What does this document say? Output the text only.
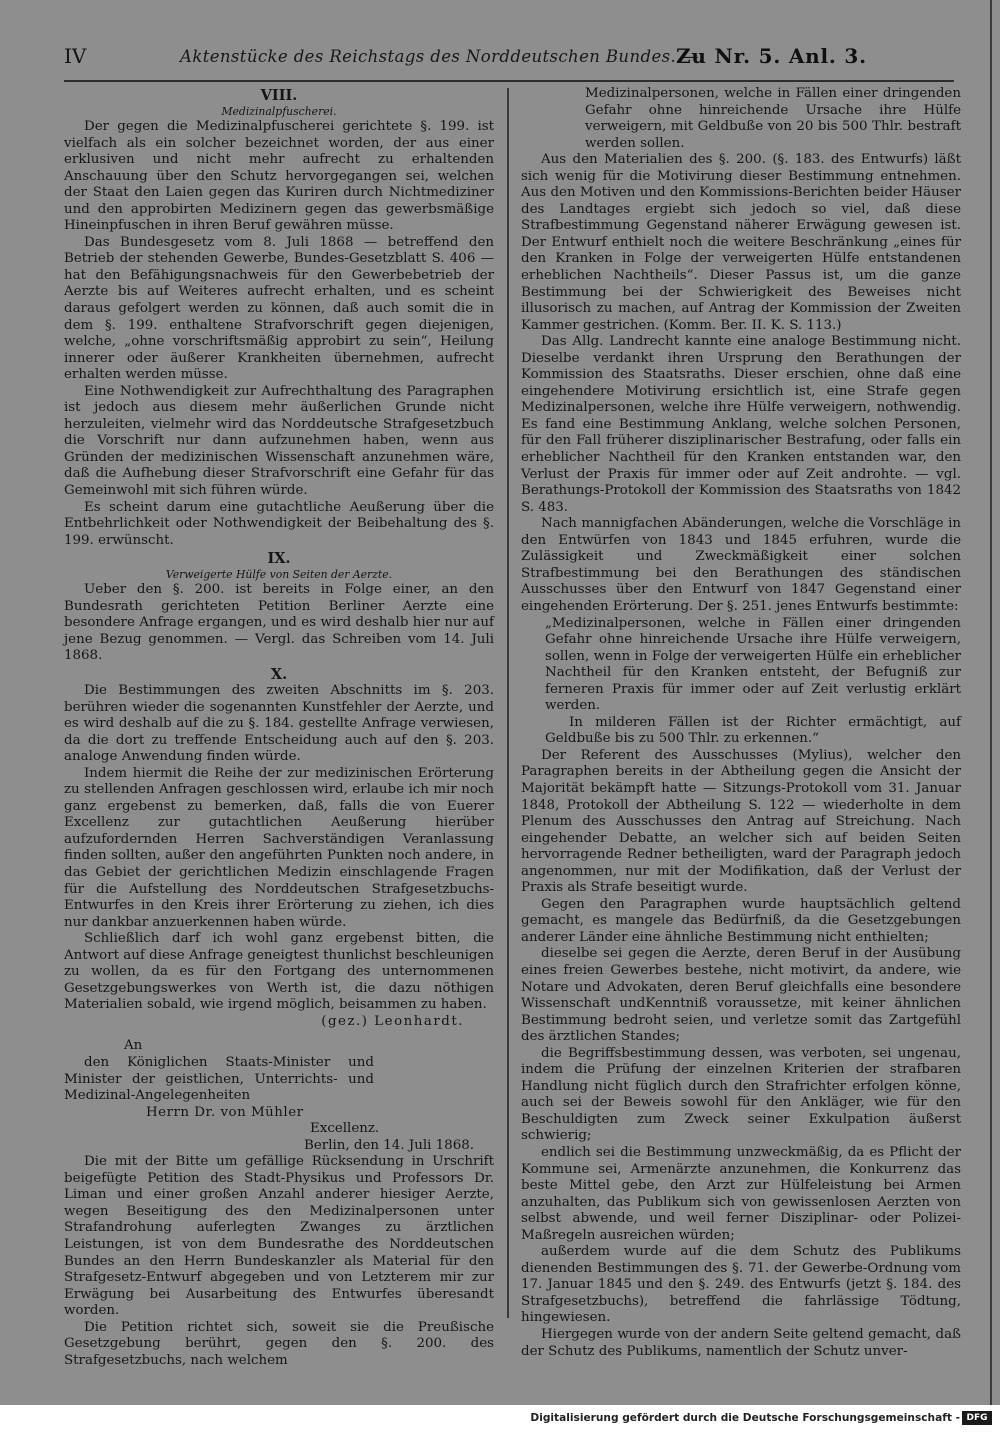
IV	Aktenstücke des Reichstags des Norddeutschen Bundes. —
Zu Nr. 5. Anl. 3.
VIII.
Medizinalpfuscherei.

Der gegen die Medizinalpfuscherei gerichtete §. 199. ist vielfach als ein solcher bezeichnet worden, der aus einer erklusiven und nicht mehr aufrecht zu erhaltenden Anschauung über den Schutz hervorgegangen sei, welchen der Staat den Laien gegen das Kuriren durch Nichtmediziner und den approbirten Medizinern gegen das gewerbsmäßige Hineinpfuschen in ihren Beruf gewähren müsse.

Das Bundesgesetz vom 8. Juli 1868 — betreffend den Betrieb der stehenden Gewerbe, Bundes-Gesetzblatt S. 406 — hat den Befähigungsnachweis für den Gewerbebetrieb der Aerzte bis auf Weiteres aufrecht erhalten, und es scheint daraus gefolgert werden zu können, daß auch somit die in dem §. 199. enthaltene Strafvorschrift gegen diejenigen, welche, „ohne vorschriftsmäßig approbirt zu sein“, Heilung innerer oder äußerer Krankheiten übernehmen, aufrecht erhalten werden müsse.

Eine Nothwendigkeit zur Aufrechthaltung des Paragraphen ist jedoch aus diesem mehr äußerlichen Grunde nicht herzuleiten, vielmehr wird das Norddeutsche Strafgesetzbuch die Vorschrift nur dann aufzunehmen haben, wenn aus Gründen der medizinischen Wissenschaft anzunehmen wäre, daß die Aufhebung dieser Strafvorschrift eine Gefahr für das Gemeinwohl mit sich führen würde.

Es scheint darum eine gutachtliche Aeußerung über die Entbehrlichkeit oder Nothwendigkeit der Beibehaltung des §. 199. erwünscht.

IX.
Verweigerte Hülfe von Seiten der Aerzte.

Ueber den §. 200. ist bereits in Folge einer, an den Bundesrath gerichteten Petition Berliner Aerzte eine besondere Anfrage ergangen, und es wird deshalb hier nur auf jene Bezug genommen. — Vergl. das Schreiben vom 14. Juli 1868.

X.

Die Bestimmungen des zweiten Abschnitts im §. 203. berühren wieder die sogenannten Kunstfehler der Aerzte, und es wird deshalb auf die zu §. 184. gestellte Anfrage verwiesen, da die dort zu treffende Entscheidung auch auf den §. 203. analoge Anwendung finden würde.

Indem hiermit die Reihe der zur medizinischen Erörterung zu stellenden Anfragen geschlossen wird, erlaube ich mir noch ganz ergebenst zu bemerken, daß, falls die von Euerer Excellenz zur gutachtlichen Aeußerung hierüber aufzufordernden Herren Sachverständigen Veranlassung finden sollten, außer den angeführten Punkten noch andere, in das Gebiet der gerichtlichen Medizin einschlagende Fragen für die Aufstellung des Norddeutschen Strafgesetzbuchs-Entwurfes in den Kreis ihrer Erörterung zu ziehen, ich dies nur dankbar anzuerkennen haben würde.

Schließlich darf ich wohl ganz ergebenst bitten, die Antwort auf diese Anfrage geneigtest thunlichst beschleunigen zu wollen, da es für den Fortgang des unternommenen Gesetzgebungswerkes von Werth ist, die dazu nöthigen Materialien sobald, wie irgend möglich, beisammen zu haben.

(gez.) Leonhardt.

An

den Königlichen Staats-Minister und Minister der geistlichen, Unterrichts- und Medizinal-Angelegenheiten

Herrn Dr. von Mühler

Excellenz.

Berlin, den 14. Juli 1868.

Die mit der Bitte um gefällige Rücksendung in Urschrift beigefügte Petition des Stadt-Physikus und Professors Dr. Liman und einer großen Anzahl anderer hiesiger Aerzte, wegen Beseitigung des den Medizinalpersonen unter Strafandrohung auferlegten Zwanges zu ärztlichen Leistungen, ist von dem Bundesrathe des Norddeutschen Bundes an den Herrn Bundeskanzler als Material für den Strafgesetz-Entwurf abgegeben und von Letzterem mir zur Erwägung bei Ausarbeitung des Entwurfes überesandt worden.

Die Petition richtet sich, soweit sie die Preußische Gesetzgebung berührt, gegen den §. 200. des Strafgesetzbuchs, nach welchem

Medizinalpersonen, welche in Fällen einer dringenden Gefahr ohne hinreichende Ursache ihre Hülfe verweigern, mit Geldbuße von 20 bis 500 Thlr. bestraft werden sollen.

Aus den Materialien des §. 200. (§. 183. des Entwurfs) läßt sich wenig für die Motivirung dieser Bestimmung entnehmen. Aus den Motiven und den Kommissions-Berichten beider Häuser des Landtages ergiebt sich jedoch so viel, daß diese Strafbestimmung Gegenstand näherer Erwägung gewesen ist. Der Entwurf enthielt noch die weitere Beschränkung „eines für den Kranken in Folge der verweigerten Hülfe entstandenen erheblichen Nachtheils“. Dieser Passus ist, um die ganze Bestimmung bei der Schwierigkeit des Beweises nicht illusorisch zu machen, auf Antrag der Kommission der Zweiten Kammer gestrichen. (Komm. Ber. II. K. S. 113.)

Das Allg. Landrecht kannte eine analoge Bestimmung nicht. Dieselbe verdankt ihren Ursprung den Berathungen der Kommission des Staatsraths. Dieser erschien, ohne daß eine eingehendere Motivirung ersichtlich ist, eine Strafe gegen Medizinalpersonen, welche ihre Hülfe verweigern, nothwendig. Es fand eine Bestimmung Anklang, welche solchen Personen, für den Fall früherer disziplinarischer Bestrafung, oder falls ein erheblicher Nachtheil für den Kranken entstanden war, den Verlust der Praxis für immer oder auf Zeit androhte. — vgl. Berathungs-Protokoll der Kommission des Staatsraths von 1842 S. 483.

Nach mannigfachen Abänderungen, welche die Vorschläge in den Entwürfen von 1843 und 1845 erfuhren, wurde die Zulässigkeit und Zweckmäßigkeit einer solchen Strafbestimmung bei den Berathungen des ständischen Ausschusses über den Entwurf von 1847 Gegenstand einer eingehenden Erörterung. Der §. 251. jenes Entwurfs bestimmte:

„Medizinalpersonen, welche in Fällen einer dringenden Gefahr ohne hinreichende Ursache ihre Hülfe verweigern, sollen, wenn in Folge der verweigerten Hülfe ein erheblicher Nachtheil für den Kranken entsteht, der Befugniß zur ferneren Praxis für immer oder auf Zeit verlustig erklärt werden.

In milderen Fällen ist der Richter ermächtigt, auf Geldbuße bis zu 500 Thlr. zu erkennen.“

Der Referent des Ausschusses (Mylius), welcher den Paragraphen bereits in der Abtheilung gegen die Ansicht der Majorität bekämpft hatte — Sitzungs-Protokoll vom 31. Januar 1848, Protokoll der Abtheilung S. 122 — wiederholte in dem Plenum des Ausschusses den Antrag auf Streichung. Nach eingehender Debatte, an welcher sich auf beiden Seiten hervorragende Redner betheiligten, ward der Paragraph jedoch angenommen, nur mit der Modifikation, daß der Verlust der Praxis als Strafe beseitigt wurde.

Gegen den Paragraphen wurde hauptsächlich geltend gemacht, es mangele das Bedürfniß, da die Gesetzgebungen anderer Länder eine ähnliche Bestimmung nicht enthielten;

dieselbe sei gegen die Aerzte, deren Beruf in der Ausübung eines freien Gewerbes bestehe, nicht motivirt, da andere, wie Notare und Advokaten, deren Beruf gleichfalls eine besondere Wissenschaft undKenntniß voraussetze, mit keiner ähnlichen Bestimmung bedroht seien, und verletze somit das Zartgefühl des ärztlichen Standes;

die Begriffsbestimmung dessen, was verboten, sei ungenau, indem die Prüfung der einzelnen Kriterien der strafbaren Handlung nicht füglich durch den Strafrichter erfolgen könne, auch sei der Beweis sowohl für den Ankläger, wie für den Beschuldigten zum Zweck seiner Exkulpation äußerst schwierig;

endlich sei die Bestimmung unzweckmäßig, da es Pflicht der Kommune sei, Armenärzte anzunehmen, die Konkurrenz das beste Mittel gebe, den Arzt zur Hülfeleistung bei Armen anzuhalten, das Publikum sich von gewissenlosen Aerzten von selbst abwende, und weil ferner Disziplinar- oder Polizei-Maßregeln ausreichen würden;

außerdem wurde auf die dem Schutz des Publikums dienenden Bestimmungen des §. 71. der Gewerbe-Ordnung vom 17. Januar 1845 und den §. 249. des Entwurfs (jetzt §. 184. des Strafgesetzbuchs), betreffend die fahrlässige Tödtung, hingewiesen.

Hiergegen wurde von der andern Seite geltend gemacht, daß der Schutz des Publikums, namentlich der Schutz unver-

Digitalisierung gefördert durch die Deutsche Forschungsgemeinschaft - DFG
